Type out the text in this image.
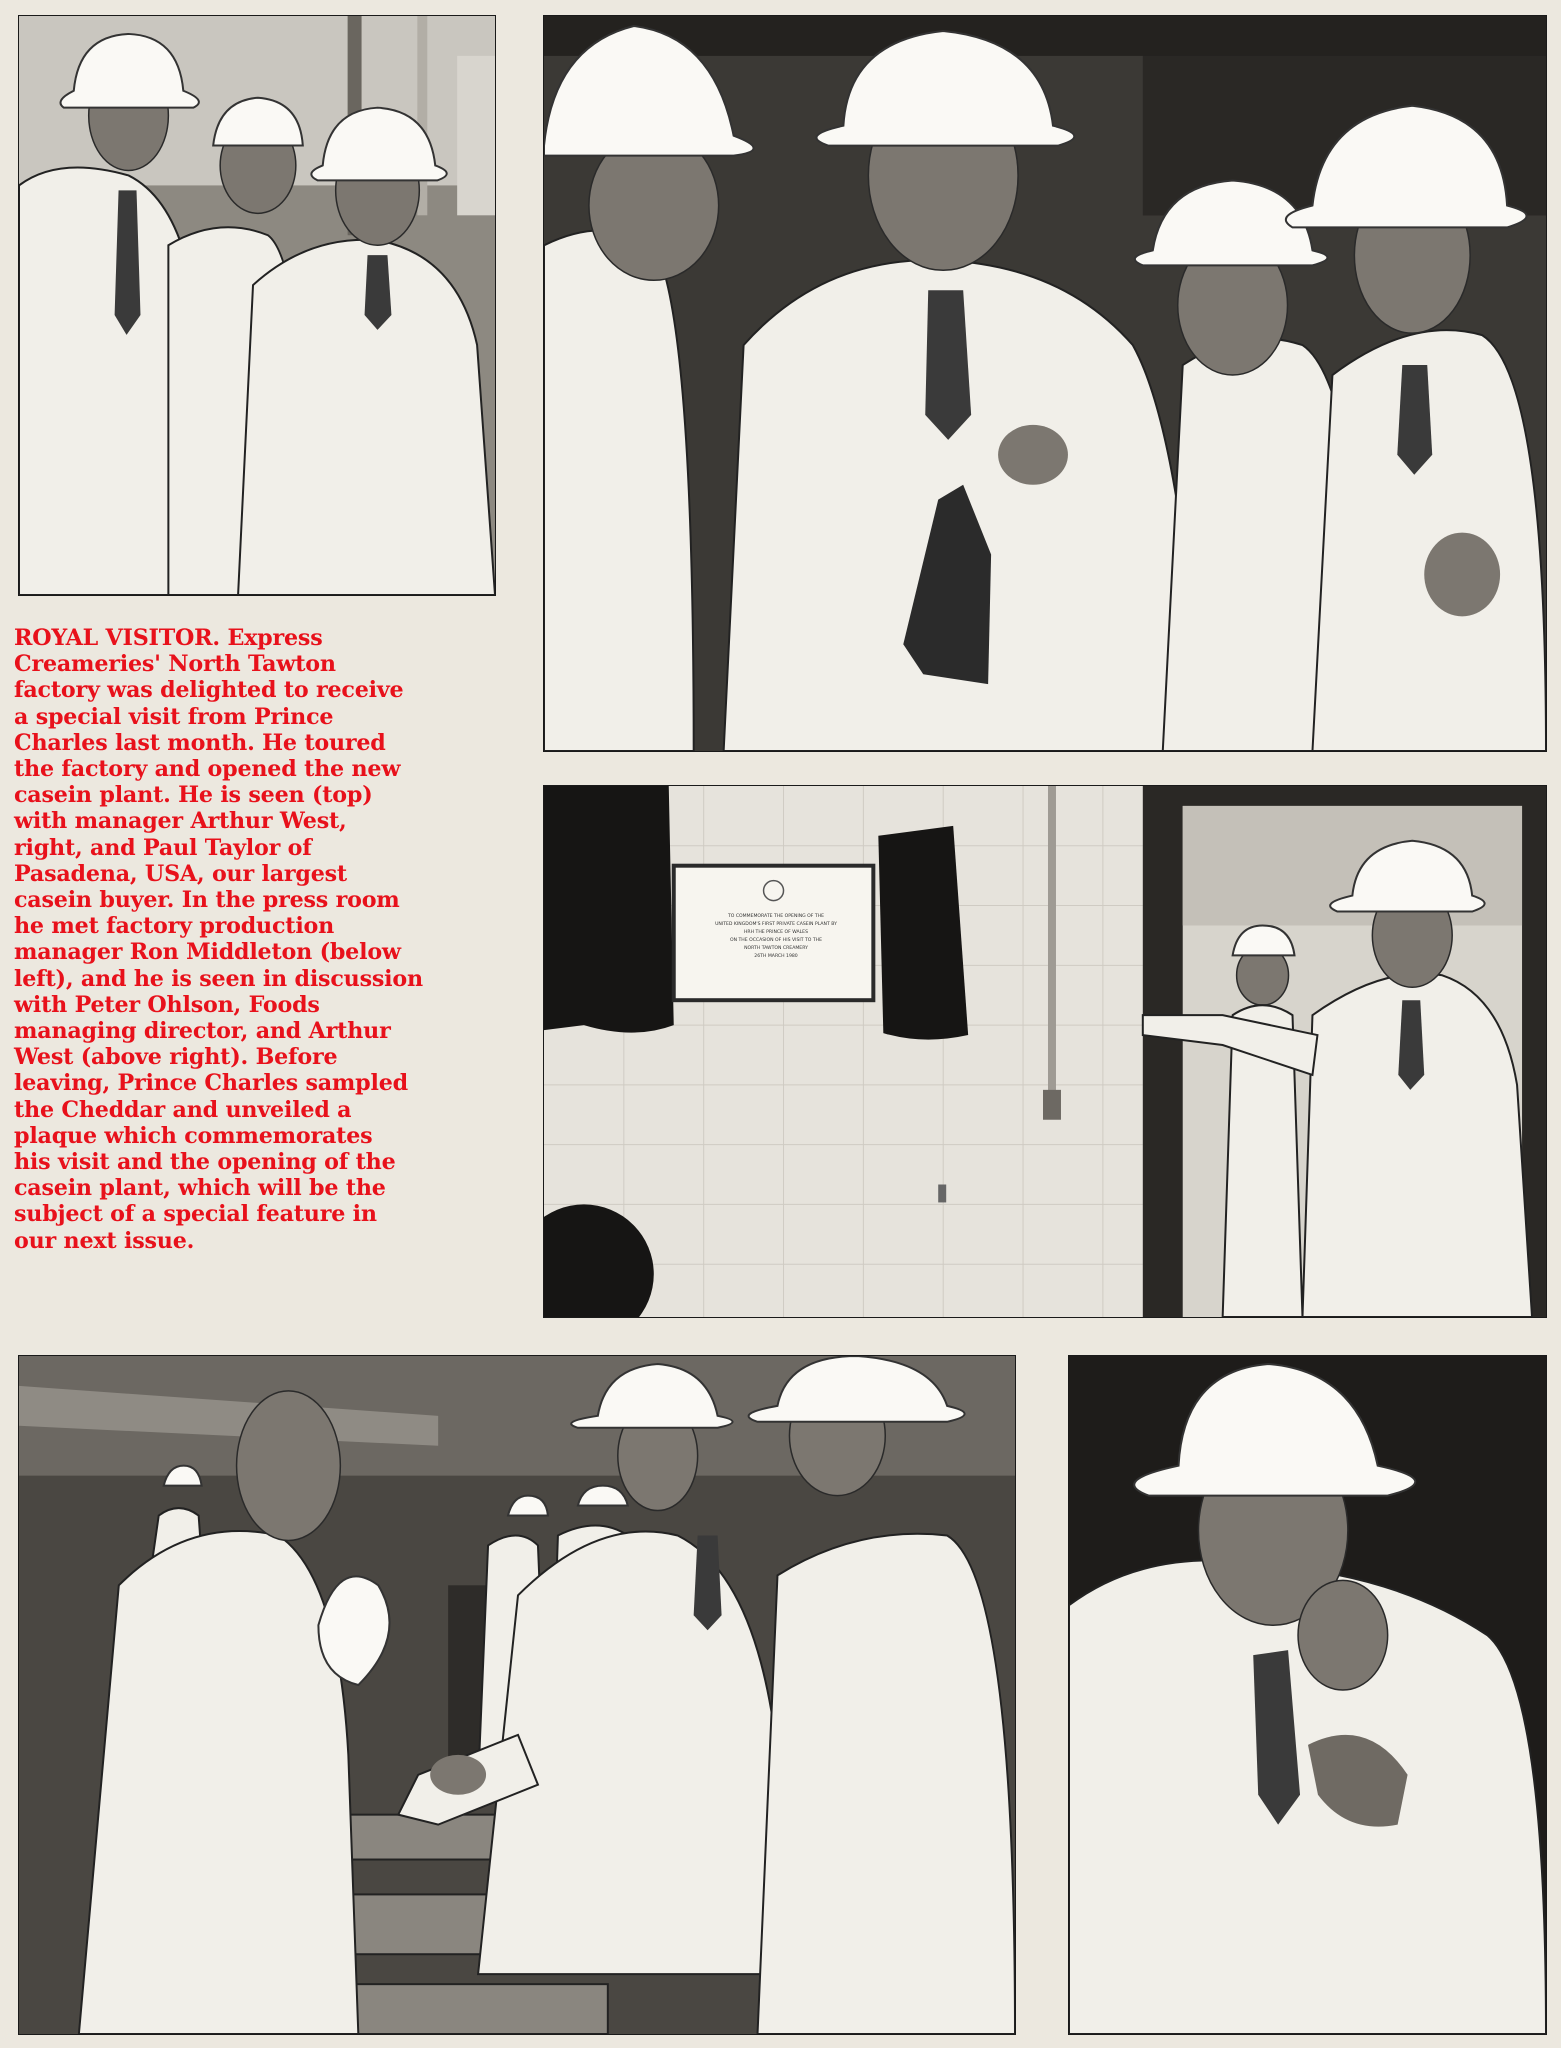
TO COMMEMORATE THE OPENING OF THE
UNITED KINGDOM'S FIRST PRIVATE CASEIN PLANT BY
HRH THE PRINCE OF WALES
ON THE OCCASION OF HIS VISIT TO THE
NORTH TAWTON CREAMERY
26TH MARCH 1980

ROYAL VISITOR. Express
Creameries' North Tawton
factory was delighted to receive
a special visit from Prince
Charles last month. He toured
the factory and opened the new
casein plant. He is seen (top)
with manager Arthur West,
right, and Paul Taylor of
Pasadena, USA, our largest
casein buyer. In the press room
he met factory production
manager Ron Middleton (below
left), and he is seen in discussion
with Peter Ohlson, Foods
managing director, and Arthur
West (above right). Before
leaving, Prince Charles sampled
the Cheddar and unveiled a
plaque which commemorates
his visit and the opening of the
casein plant, which will be the
subject of a special feature in
our next issue.
